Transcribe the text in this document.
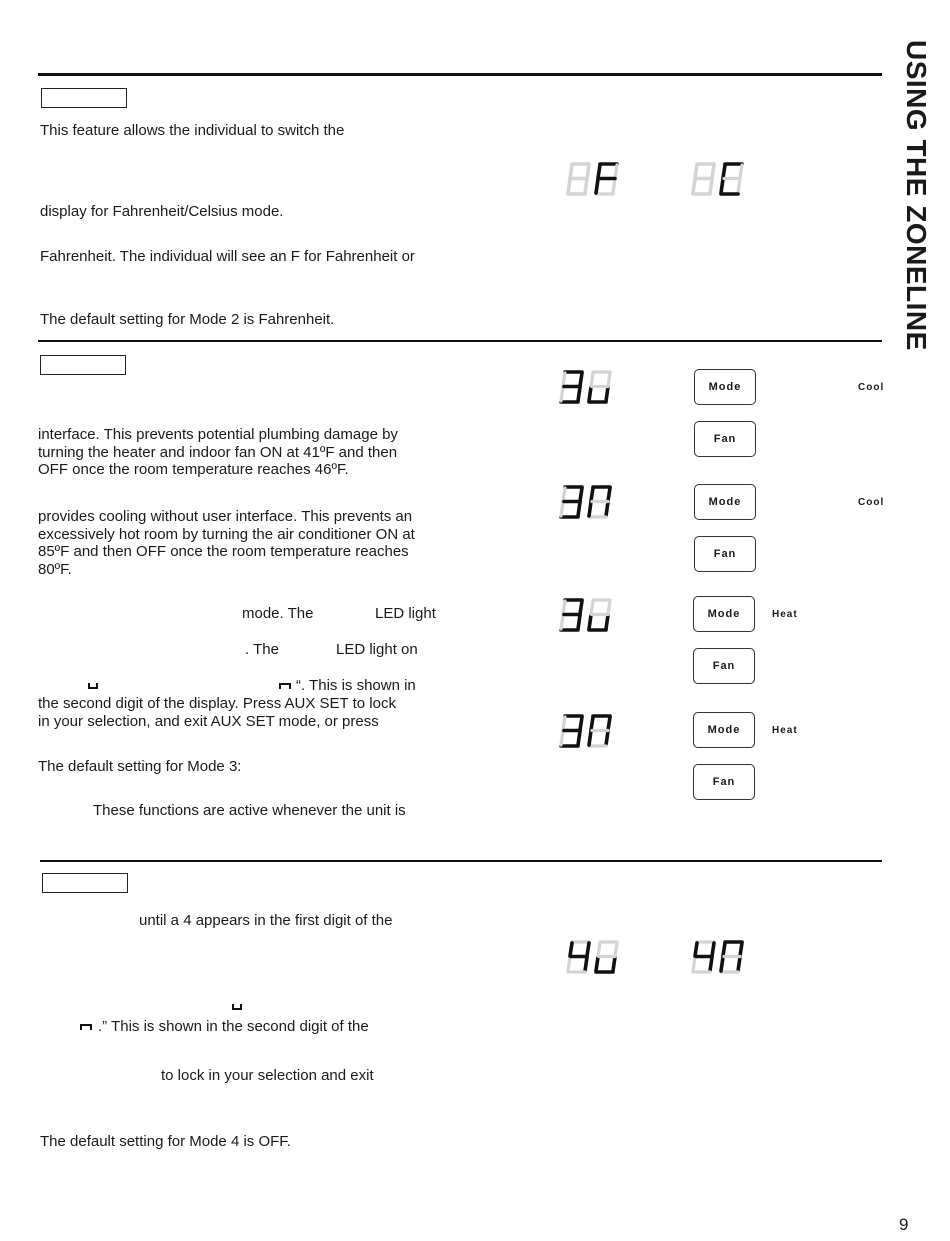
USING THE ZONELINE
This feature allows the individual to switch the
display for Fahrenheit/Celsius mode.
Fahrenheit. The individual will see an F for Fahrenheit or
The default setting for Mode 2 is Fahrenheit.
interface. This prevents potential plumbing damage by
turning the heater and indoor fan ON at 41ºF and then
OFF once the room temperature reaches 46ºF.
provides cooling without user interface. This prevents an
excessively hot room by turning the air conditioner ON at
85ºF and then OFF once the room temperature reaches
80ºF.
mode. The	LED light
. The	LED light on
“. This is shown in
the second digit of the display. Press AUX SET to lock
in your selection, and exit AUX SET mode, or press
The default setting for Mode 3:
These functions are active whenever the unit is
Mode
Fan
Cool
Mode
Fan
Cool
Mode
Fan
Heat
Mode
Fan
Heat
until a 4 appears in the first digit of the
.” This is shown in the second digit of the
to lock in your selection and exit
The default setting for Mode 4 is OFF.
9
